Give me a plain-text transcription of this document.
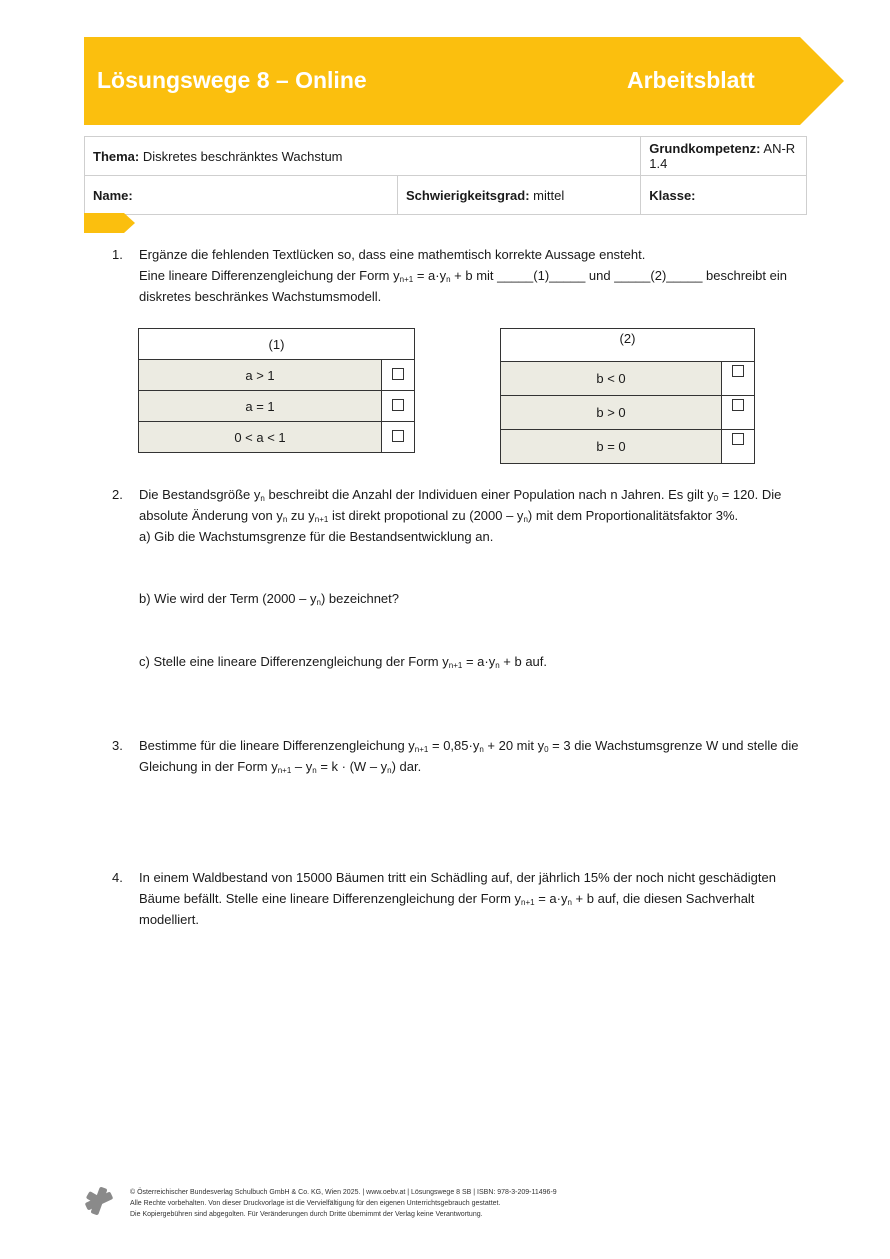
Lösungswege 8 – Online	Arbeitsblatt
Thema: Diskretes beschränktes Wachstum		Grundkompetenz: AN-R 1.4
Name:	Schwierigkeitsgrad: mittel	Klasse:
1. Ergänze die fehlenden Textlücken so, dass eine mathemtisch korrekte Aussage ensteht.
Eine lineare Differenzengleichung der Form $y_{n+1} = a\cdot y_n + b$ mit _____(1)_____ und _____(2)_____ beschreibt ein
diskretes beschränkes Wachstumsmodell.
(1)	
a > 1	
a = 1	
0 < a < 1	
(2)	
b < 0	
b > 0	
b = 0	
2. Die Bestandsgröße $y_n$ beschreibt die Anzahl der Individuen einer Population nach n Jahren. Es gilt $y_0 = 120$. Die
absolute Änderung von $y_n$ zu $y_{n+1}$ ist direkt propotional zu $(2000 - y_n)$ mit dem Proportionalitätsfaktor 3%.
a) Gib die Wachstumsgrenze für die Bestandsentwicklung an.
b) Wie wird der Term $(2000 - y_n)$ bezeichnet?
c) Stelle eine lineare Differenzengleichung der Form $y_{n+1} = a\cdot y_n + b$ auf.
3. Bestimme für die lineare Differenzengleichung $y_{n+1} = 0,85\cdot y_n + 20$ mit $y_0 = 3$ die Wachstumsgrenze W und stelle die
Gleichung in der Form $y_{n+1} - y_n = k \cdot (W - y_n)$ dar.
4. In einem Waldbestand von 15000 Bäumen tritt ein Schädling auf, der jährlich 15% der noch nicht geschädigten
Bäume befällt. Stelle eine lineare Differenzengleichung der Form $y_{n+1} = a\cdot y_n + b$ auf, die diesen Sachverhalt
modelliert.
© Österreichischer Bundesverlag Schulbuch GmbH & Co. KG, Wien 2025. | www.oebv.at | Lösungswege 8 SB | ISBN: 978-3-209-11496-9
Alle Rechte vorbehalten. Von dieser Druckvorlage ist die Vervielfältigung für den eigenen Unterrichtsgebrauch gestattet.
Die Kopiergebühren sind abgegolten. Für Veränderungen durch Dritte übernimmt der Verlag keine Verantwortung.
